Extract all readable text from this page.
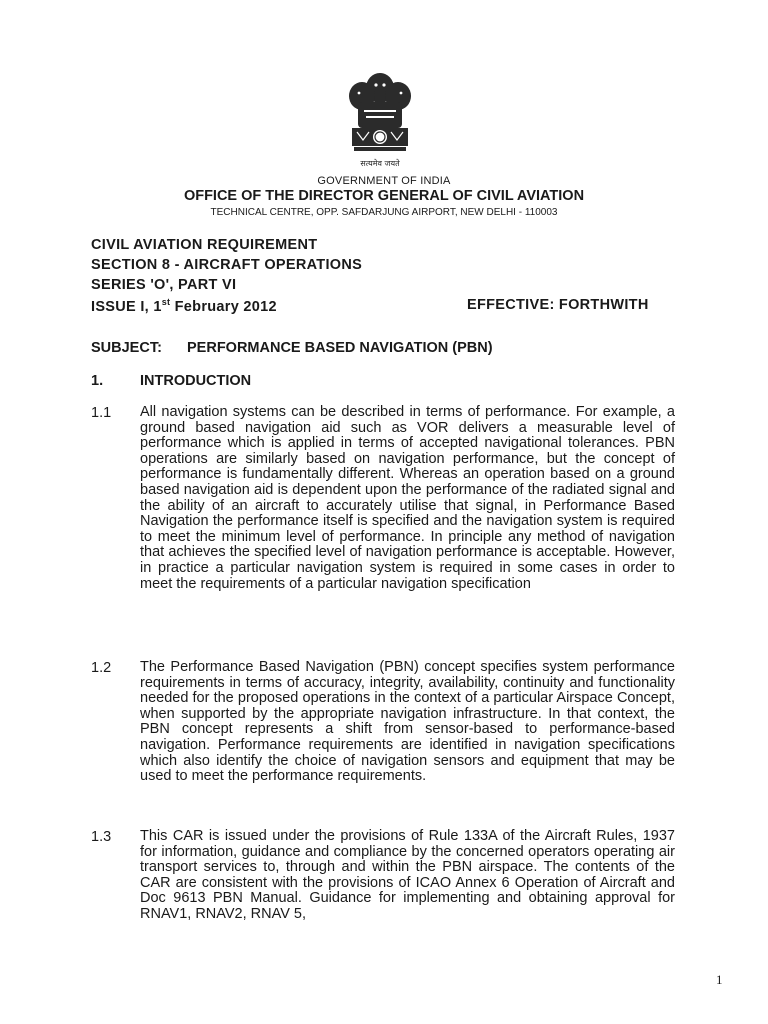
सत्यमेव जयते
GOVERNMENT OF INDIA
OFFICE OF THE DIRECTOR GENERAL OF CIVIL AVIATION
TECHNICAL CENTRE, OPP. SAFDARJUNG AIRPORT, NEW DELHI - 110003
CIVIL AVIATION REQUIREMENT
SECTION 8 - AIRCRAFT OPERATIONS
SERIES 'O', PART VI
ISSUE I, 1st February 2012	EFFECTIVE: FORTHWITH
SUBJECT: PERFORMANCE BASED NAVIGATION (PBN)
1.	INTRODUCTION
1.1 All navigation systems can be described in terms of performance. For example, a ground based navigation aid such as VOR delivers a measurable level of performance which is applied in terms of accepted navigational tolerances. PBN operations are similarly based on navigation performance, but the concept of performance is fundamentally different. Whereas an operation based on a ground based navigation aid is dependent upon the performance of the radiated signal and the ability of an aircraft to accurately utilise that signal, in Performance Based Navigation the performance itself is specified and the navigation system is required to meet the minimum level of performance. In principle any method of navigation that achieves the specified level of navigation performance is acceptable. However, in practice a particular navigation system is required in some cases in order to meet the requirements of a particular navigation specification
1.2 The Performance Based Navigation (PBN) concept specifies system performance requirements in terms of accuracy, integrity, availability, continuity and functionality needed for the proposed operations in the context of a particular Airspace Concept, when supported by the appropriate navigation infrastructure. In that context, the PBN concept represents a shift from sensor-based to performance-based navigation. Performance requirements are identified in navigation specifications which also identify the choice of navigation sensors and equipment that may be used to meet the performance requirements.
1.3 This CAR is issued under the provisions of Rule 133A of the Aircraft Rules, 1937 for information, guidance and compliance by the concerned operators operating air transport services to, through and within the PBN airspace. The contents of the CAR are consistent with the provisions of ICAO Annex 6 Operation of Aircraft and Doc 9613 PBN Manual. Guidance for implementing and obtaining approval for RNAV1, RNAV2, RNAV 5,
1
